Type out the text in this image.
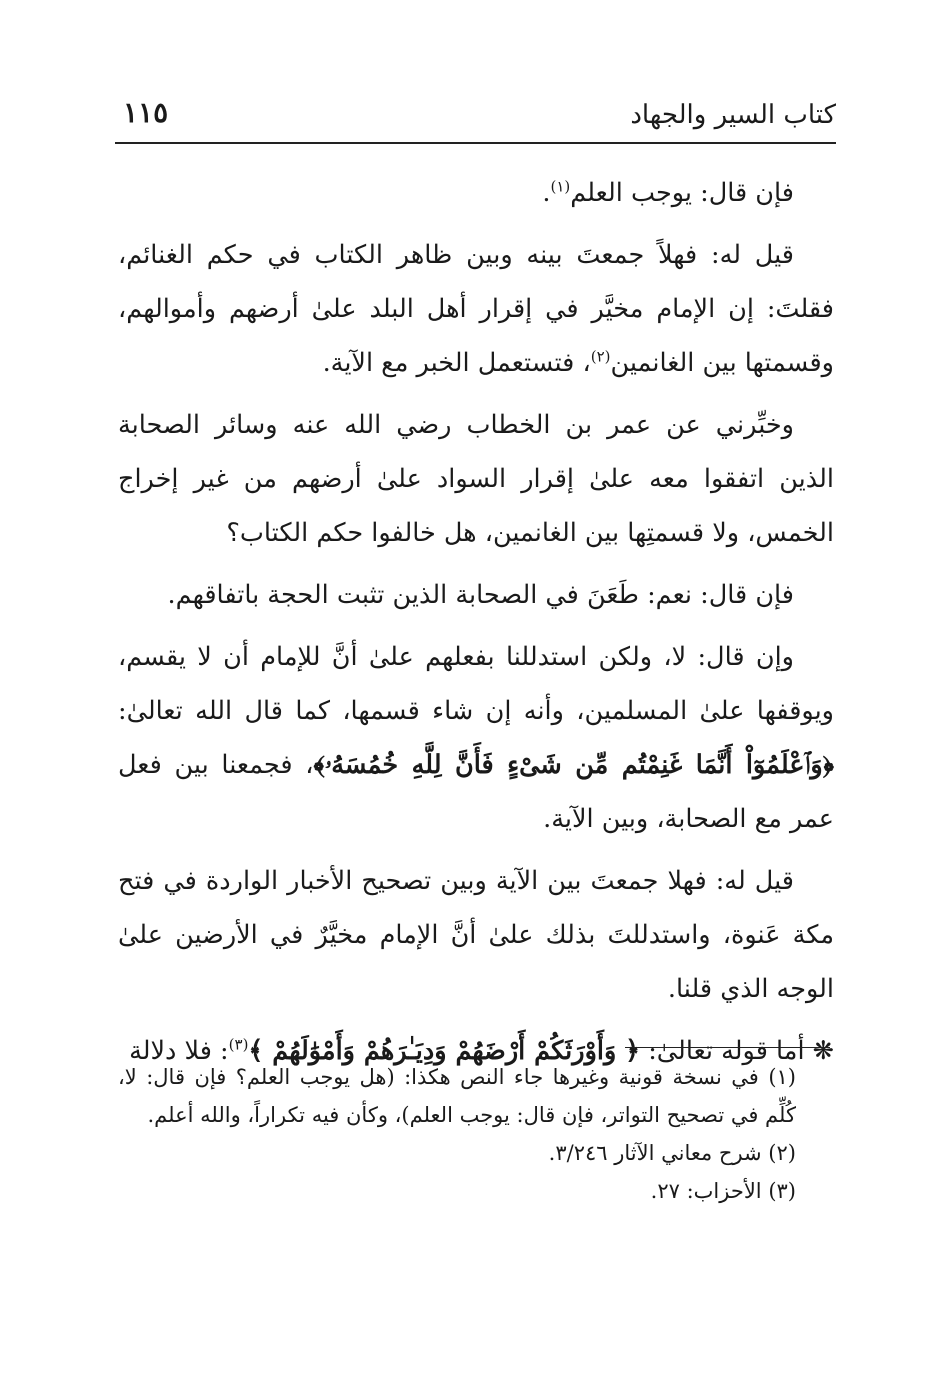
١١٥	كتاب السير والجهاد

فإن قال: يوجب العلم$^{(١)}$.

قيل له: فهلاً جمعتَ بينه وبين ظاهر الكتاب في حكم الغنائم، فقلتَ: إن الإمام مخيَّر في إقرار أهل البلد علىٰ أرضهم وأموالهم، وقسمتها بين الغانمين$^{(٢)}$، فتستعمل الخبر مع الآية.

وخبِّرني عن عمر بن الخطاب رضي الله عنه وسائر الصحابة الذين اتفقوا معه علىٰ إقرار السواد علىٰ أرضهم من غير إخراج الخمس، ولا قسمتِها بين الغانمين، هل خالفوا حكم الكتاب؟

فإن قال: نعم: طَعَنَ في الصحابة الذين تثبت الحجة باتفاقهم.

وإن قال: لا، ولكن استدللنا بفعلهم علىٰ أنَّ للإمام أن لا يقسم، ويوقفها علىٰ المسلمين، وأنه إن شاء قسمها، كما قال الله تعالىٰ: ﴿وَٱعْلَمُوٓاْ أَنَّمَا غَنِمْتُم مِّن شَىْءٍ فَأَنَّ لِلَّهِ خُمُسَهُۥ﴾، فجمعنا بين فعل عمر مع الصحابة، وبين الآية.

قيل له: فهلا جمعتَ بين الآية وبين تصحيح الأخبار الواردة في فتح مكة عَنوة، واستدللتَ بذلك علىٰ أنَّ الإمام مخيَّرٌ في الأرضين علىٰ الوجه الذي قلنا.

❋ أما قوله تعالىٰ: ﴿ وَأَوْرَثَكُمْ أَرْضَهُمْ وَدِيَـٰرَهُمْ وَأَمْوَٰلَهُمْ ﴾$^{(٣)}$: فلا دلالة

(١) في نسخة قونية وغيرها جاء النص هكذا: (هل يوجب العلم؟ فإن قال: لا، كُلِّم في تصحيح التواتر، فإن قال: يوجب العلم)، وكأن فيه تكراراً، والله أعلم.

(٢) شرح معاني الآثار ٣/٢٤٦.

(٣) الأحزاب: ٢٧.
